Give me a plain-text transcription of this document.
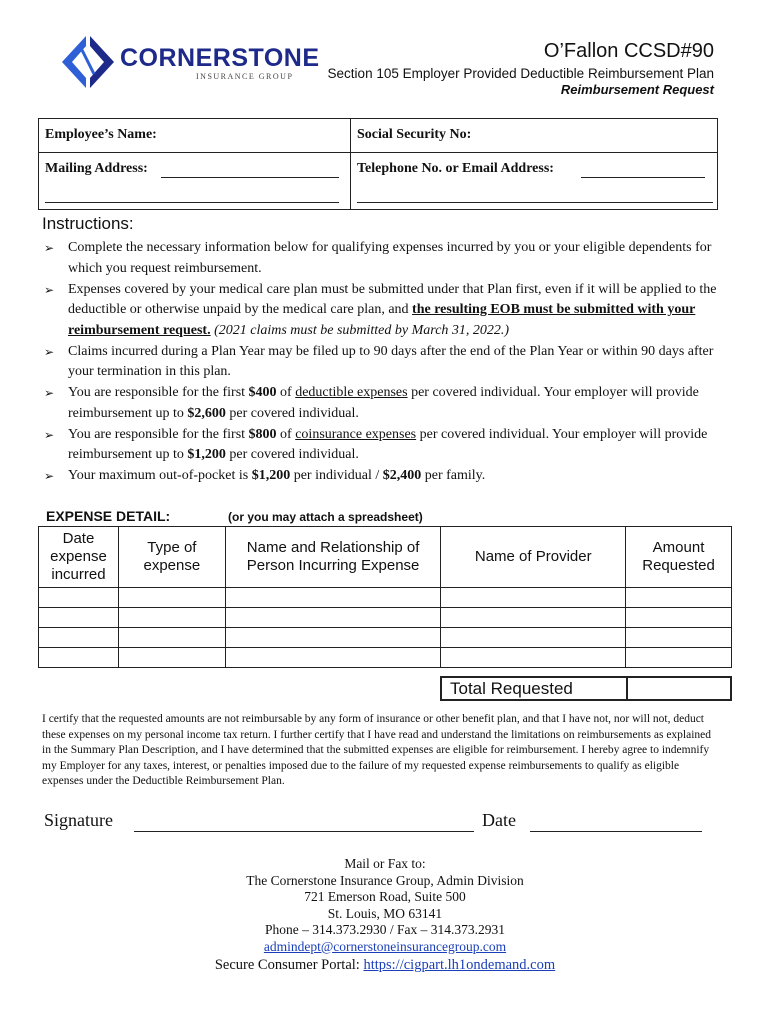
CORNERSTONE
INSURANCE GROUP
O’Fallon CCSD#90
Section 105 Employer Provided Deductible Reimbursement Plan
Reimbursement Request
Employee’s Name:	Social Security No:
Mailing Address:	Telephone No. or Email Address:
Instructions:
➢ Complete the necessary information below for qualifying expenses incurred by you or your eligible dependents for which you request reimbursement.
➢ Expenses covered by your medical care plan must be submitted under that Plan first, even if it will be applied to the deductible or otherwise unpaid by the medical care plan, and the resulting EOB must be submitted with your reimbursement request. (2021 claims must be submitted by March 31, 2022.)
➢ Claims incurred during a Plan Year may be filed up to 90 days after the end of the Plan Year or within 90 days after your termination in this plan.
➢ You are responsible for the first $400 of deductible expenses per covered individual. Your employer will provide reimbursement up to $2,600 per covered individual.
➢ You are responsible for the first $800 of coinsurance expenses per covered individual. Your employer will provide reimbursement up to $1,200 per covered individual.
➢ Your maximum out-of-pocket is $1,200 per individual / $2,400 per family.
EXPENSE DETAIL:	(or you may attach a spreadsheet)
Date expense incurred	Type of expense	Name and Relationship of Person Incurring Expense	Name of Provider	Amount Requested

Total Requested
I certify that the requested amounts are not reimbursable by any form of insurance or other benefit plan, and that I have not, nor will not, deduct these expenses on my personal income tax return. I further certify that I have read and understand the limitations on reimbursements as explained in the Summary Plan Description, and I have determined that the submitted expenses are eligible for reimbursement. I hereby agree to indemnify my Employer for any taxes, interest, or penalties imposed due to the failure of my requested expense reimbursements to qualify as eligible expenses under the Deductible Reimbursement Plan.
Signature	Date
Mail or Fax to:
The Cornerstone Insurance Group, Admin Division
721 Emerson Road, Suite 500
St. Louis, MO 63141
Phone – 314.373.2930 / Fax – 314.373.2931
admindept@cornerstoneinsurancegroup.com
Secure Consumer Portal: https://cigpart.lh1ondemand.com
